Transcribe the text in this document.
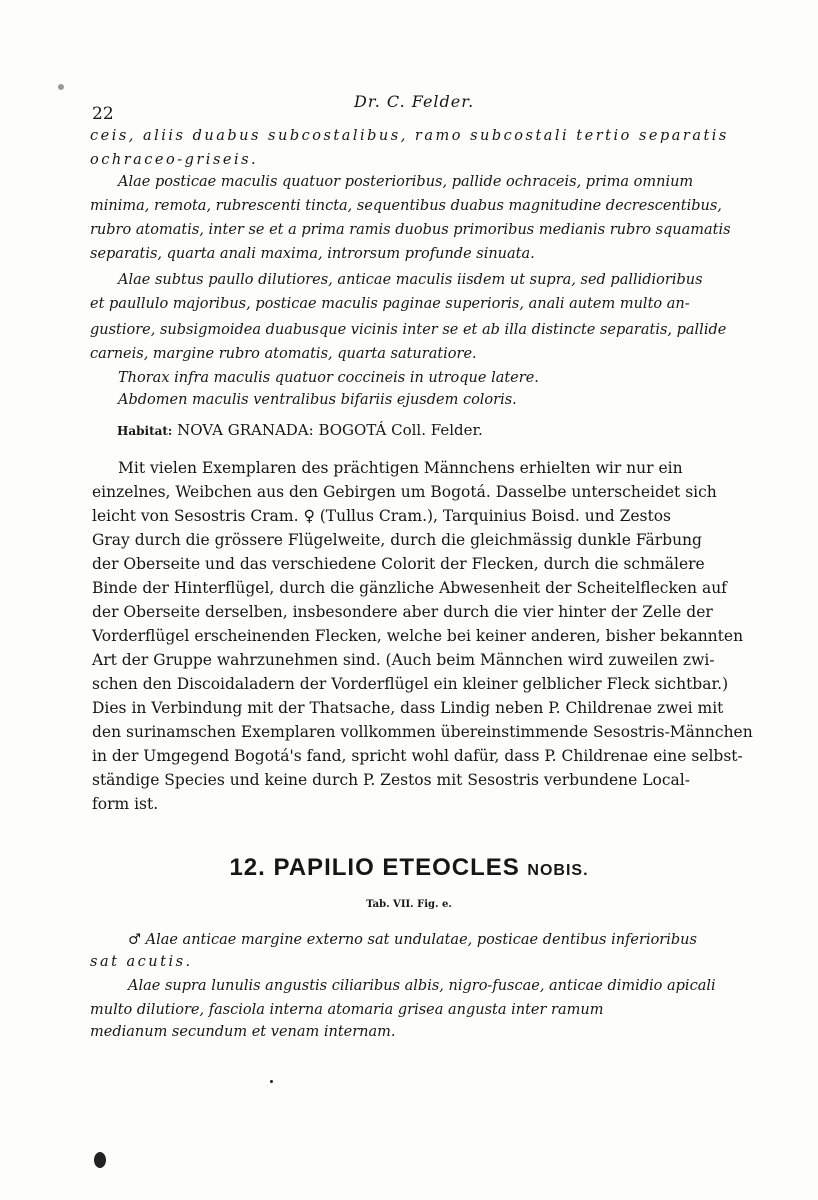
22
Dr. C. Felder.
ceis, aliis duabus subcostalibus, ramo subcostali tertio separatis
ochraceo-griseis.
Alae posticae maculis quatuor posterioribus, pallide ochraceis, prima omnium
minima, remota, rubrescenti tincta, sequentibus duabus magnitudine decrescentibus,
rubro atomatis, inter se et a prima ramis duobus primoribus medianis rubro squamatis
separatis, quarta anali maxima, introrsum profunde sinuata.
Alae subtus paullo dilutiores, anticae maculis iisdem ut supra, sed pallidioribus
et paullulo majoribus, posticae maculis paginae superioris, anali autem multo an-
gustiore, subsigmoidea duabusque vicinis inter se et ab illa distincte separatis, pallide
carneis, margine rubro atomatis, quarta saturatiore.
Thorax infra maculis quatuor coccineis in utroque latere.
Abdomen maculis ventralibus bifariis ejusdem coloris.
Habitat: NOVA GRANADA: BOGOTÁ Coll. Felder.
Mit vielen Exemplaren des prächtigen Männchens erhielten wir nur ein
einzelnes, Weibchen aus den Gebirgen um Bogotá. Dasselbe unterscheidet sich
leicht von Sesostris Cram. ♀ (Tullus Cram.), Tarquinius Boisd. und Zestos
Gray durch die grössere Flügelweite, durch die gleichmässig dunkle Färbung
der Oberseite und das verschiedene Colorit der Flecken, durch die schmälere
Binde der Hinterflügel, durch die gänzliche Abwesenheit der Scheitelflecken auf
der Oberseite derselben, insbesondere aber durch die vier hinter der Zelle der
Vorderflügel erscheinenden Flecken, welche bei keiner anderen, bisher bekannten
Art der Gruppe wahrzunehmen sind. (Auch beim Männchen wird zuweilen zwi-
schen den Discoidaladern der Vorderflügel ein kleiner gelblicher Fleck sichtbar.)
Dies in Verbindung mit der Thatsache, dass Lindig neben P. Childrenae zwei mit
den surinamschen Exemplaren vollkommen übereinstimmende Sesostris-Männchen
in der Umgegend Bogotá's fand, spricht wohl dafür, dass P. Childrenae eine selbst-
ständige Species und keine durch P. Zestos mit Sesostris verbundene Local-
form ist.
12. PAPILIO ETEOCLES NOBIS.
Tab. VII. Fig. e.
♂ Alae anticae margine externo sat undulatae, posticae dentibus inferioribus
sat acutis.
Alae supra lunulis angustis ciliaribus albis, nigro-fuscae, anticae dimidio apicali
multo dilutiore, fasciola interna atomaria grisea angusta inter ramum
medianum secundum et venam internam.
